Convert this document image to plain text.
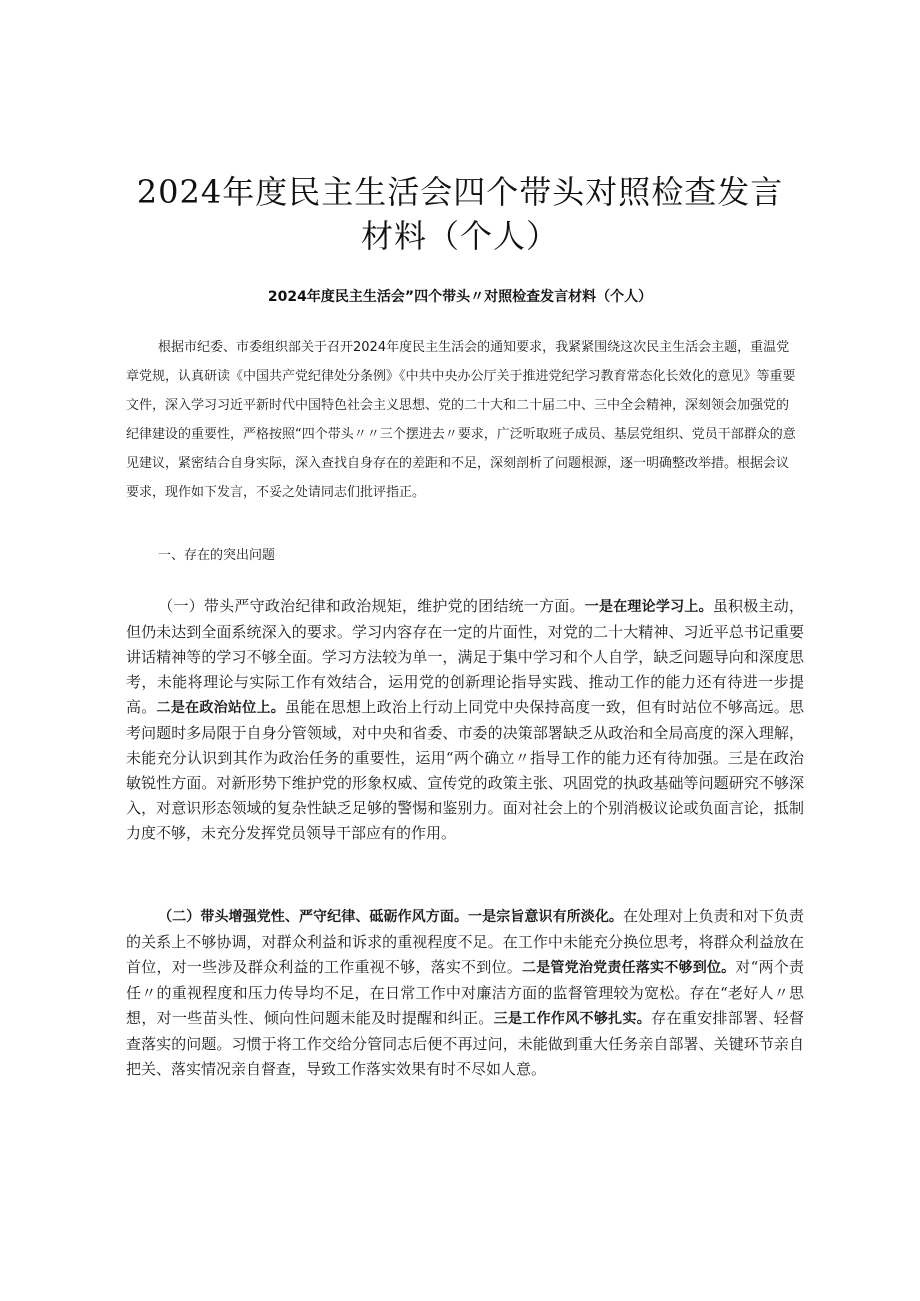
2024年度民主生活会四个带头对照检查发言
材料（个人）
2024年度民主生活会”四个带头〃对照检查发言材料（个人）
根据市纪委、市委组织部关于召开2024年度民主生活会的通知要求，我紧紧围绕这次民主生活会主题，重温党章党规，认真研读《中国共产党纪律处分条例》《中共中央办公厅关于推进党纪学习教育常态化长效化的意见》等重要文件，深入学习习近平新时代中国特色社会主义思想、党的二十大和二十届二中、三中全会精神，深刻领会加强党的纪律建设的重要性，严格按照“四个带头〃〃三个摆进去〃要求，广泛听取班子成员、基层党组织、党员干部群众的意见建议，紧密结合自身实际，深入查找自身存在的差距和不足，深刻剖析了问题根源，逐一明确整改举措。根据会议要求，现作如下发言，不妥之处请同志们批评指正。
一、存在的突出问题
（一）带头严守政治纪律和政治规矩，维护党的团结统一方面。一是在理论学习上。虽积极主动，但仍未达到全面系统深入的要求。学习内容存在一定的片面性，对党的二十大精神、习近平总书记重要讲话精神等的学习不够全面。学习方法较为单一，满足于集中学习和个人自学，缺乏问题导向和深度思考，未能将理论与实际工作有效结合，运用党的创新理论指导实践、推动工作的能力还有待进一步提高。二是在政治站位上。虽能在思想上政治上行动上同党中央保持高度一致，但有时站位不够高远。思考问题时多局限于自身分管领域，对中央和省委、市委的决策部署缺乏从政治和全局高度的深入理解，未能充分认识到其作为政治任务的重要性，运用“两个确立〃指导工作的能力还有待加强。三是在政治敏锐性方面。对新形势下维护党的形象权威、宣传党的政策主张、巩固党的执政基础等问题研究不够深入，对意识形态领域的复杂性缺乏足够的警惕和鉴别力。面对社会上的个别消极议论或负面言论，抵制力度不够，未充分发挥党员领导干部应有的作用。
（二）带头增强党性、严守纪律、砥砺作风方面。一是宗旨意识有所淡化。在处理对上负责和对下负责的关系上不够协调，对群众利益和诉求的重视程度不足。在工作中未能充分换位思考，将群众利益放在首位，对一些涉及群众利益的工作重视不够，落实不到位。二是管党治党责任落实不够到位。对“两个责任〃的重视程度和压力传导均不足，在日常工作中对廉洁方面的监督管理较为宽松。存在“老好人〃思想，对一些苗头性、倾向性问题未能及时提醒和纠正。三是工作作风不够扎实。存在重安排部署、轻督查落实的问题。习惯于将工作交给分管同志后便不再过问，未能做到重大任务亲自部署、关键环节亲自把关、落实情况亲自督查，导致工作落实效果有时不尽如人意。
